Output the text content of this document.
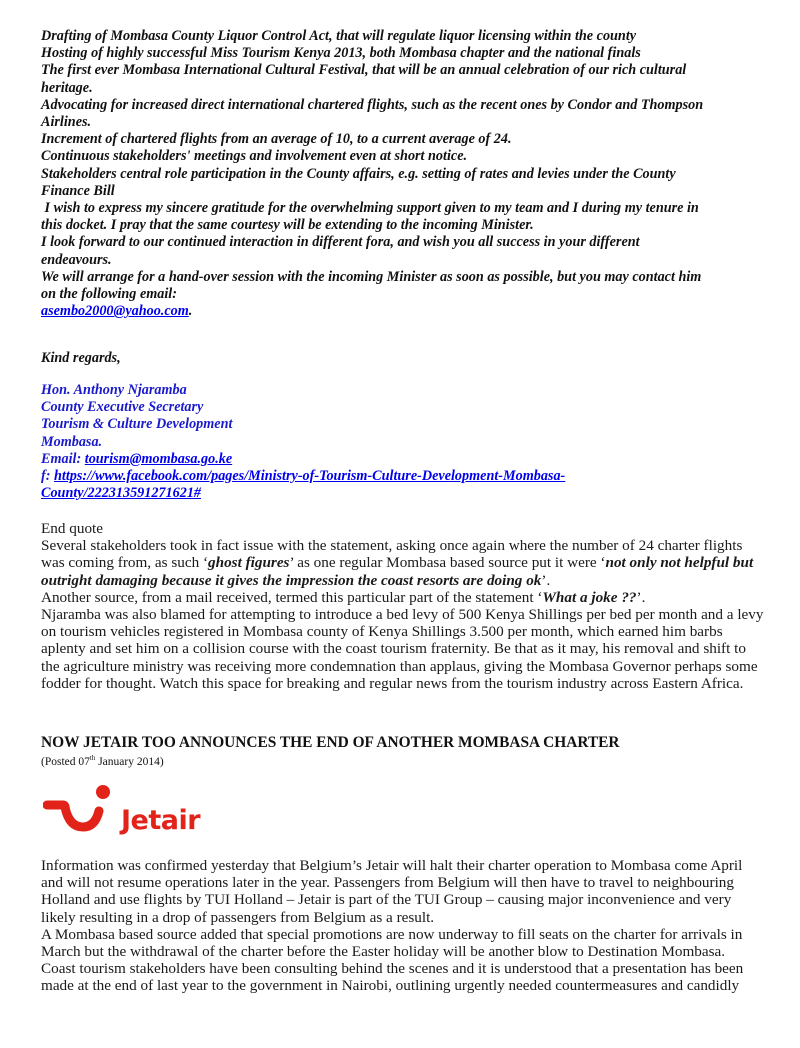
Drafting of Mombasa County Liquor Control Act, that will regulate liquor licensing within the county
Hosting of highly successful Miss Tourism Kenya 2013, both Mombasa chapter and the national finals
The first ever Mombasa International Cultural Festival, that will be an annual celebration of our rich cultural
heritage.
Advocating for increased direct international chartered flights, such as the recent ones by Condor and Thompson
Airlines.
Increment of chartered flights from an average of 10, to a current average of 24.
Continuous stakeholders' meetings and involvement even at short notice.
Stakeholders central role participation in the County affairs, e.g. setting of rates and levies under the County
Finance Bill
I wish to express my sincere gratitude for the overwhelming support given to my team and I during my tenure in
this docket. I pray that the same courtesy will be extending to the incoming Minister.
I look forward to our continued interaction in different fora, and wish you all success in your different
endeavours.
We will arrange for a hand-over session with the incoming Minister as soon as possible, but you may contact him
on the following email:
asembo2000@yahoo.com.
Kind regards,
Hon. Anthony Njaramba
County Executive Secretary
Tourism & Culture Development
Mombasa.
Email: tourism@mombasa.go.ke
f: https://www.facebook.com/pages/Ministry-of-Tourism-Culture-Development-Mombasa-
County/222313591271621#
End quote
Several stakeholders took in fact issue with the statement, asking once again where the number of 24 charter flights was coming from, as such ‘ghost figures’ as one regular Mombasa based source put it were ‘not only not helpful but outright damaging because it gives the impression the coast resorts are doing ok’.
Another source, from a mail received, termed this particular part of the statement ‘What a joke ??’.
Njaramba was also blamed for attempting to introduce a bed levy of 500 Kenya Shillings per bed per month and a levy on tourism vehicles registered in Mombasa county of Kenya Shillings 3.500 per month, which earned him barbs aplenty and set him on a collision course with the coast tourism fraternity. Be that as it may, his removal and shift to the agriculture ministry was receiving more condemnation than applaus, giving the Mombasa Governor perhaps some fodder for thought. Watch this space for breaking and regular news from the tourism industry across Eastern Africa.
NOW JETAIR TOO ANNOUNCES THE END OF ANOTHER MOMBASA CHARTER
(Posted 07th January 2014)
Jetair
Information was confirmed yesterday that Belgium’s Jetair will halt their charter operation to Mombasa come April and will not resume operations later in the year. Passengers from Belgium will then have to travel to neighbouring Holland and use flights by TUI Holland – Jetair is part of the TUI Group – causing major inconvenience and very likely resulting in a drop of passengers from Belgium as a result.
A Mombasa based source added that special promotions are now underway to fill seats on the charter for arrivals in March but the withdrawal of the charter before the Easter holiday will be another blow to Destination Mombasa.
Coast tourism stakeholders have been consulting behind the scenes and it is understood that a presentation has been made at the end of last year to the government in Nairobi, outlining urgently needed countermeasures and candidly
